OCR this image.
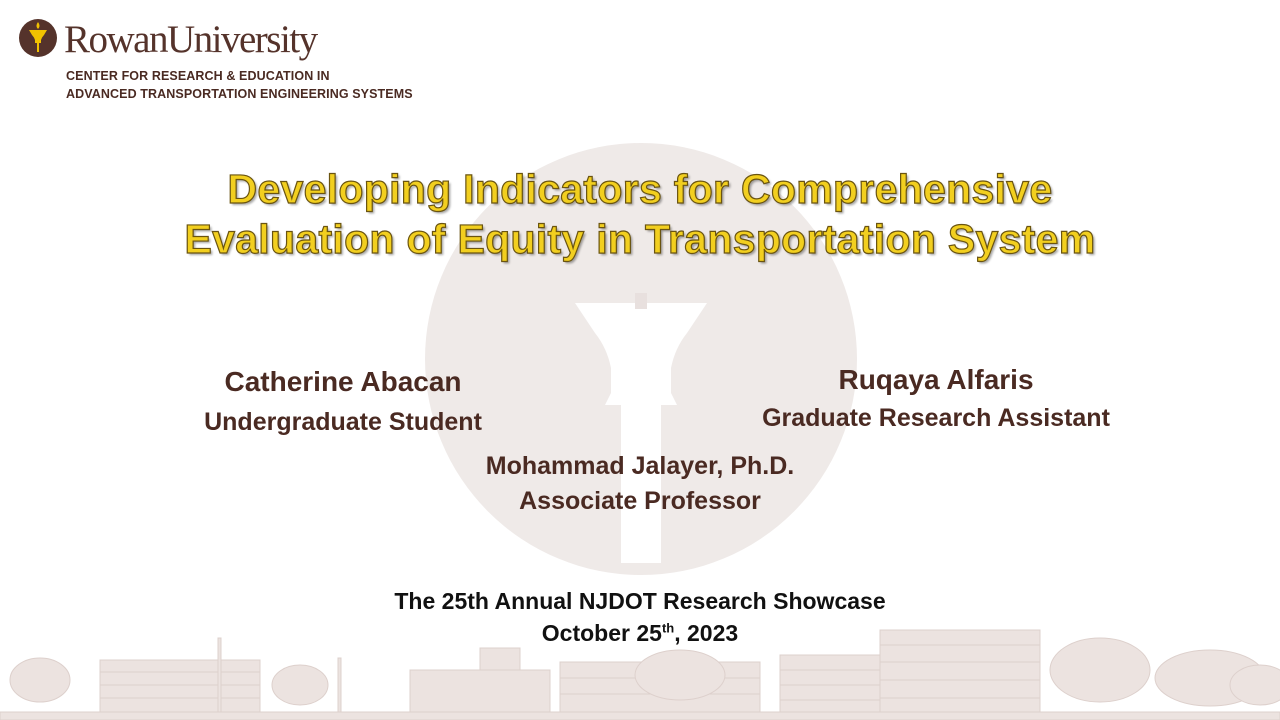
RowanUniversity
CENTER FOR RESEARCH & EDUCATION IN
ADVANCED TRANSPORTATION ENGINEERING SYSTEMS
Developing Indicators for Comprehensive
Evaluation of Equity in Transportation System
Catherine Abacan
Undergraduate Student
Ruqaya Alfaris
Graduate Research Assistant
Mohammad Jalayer, Ph.D.
Associate Professor
The 25th Annual NJDOT Research Showcase
October 25th, 2023
